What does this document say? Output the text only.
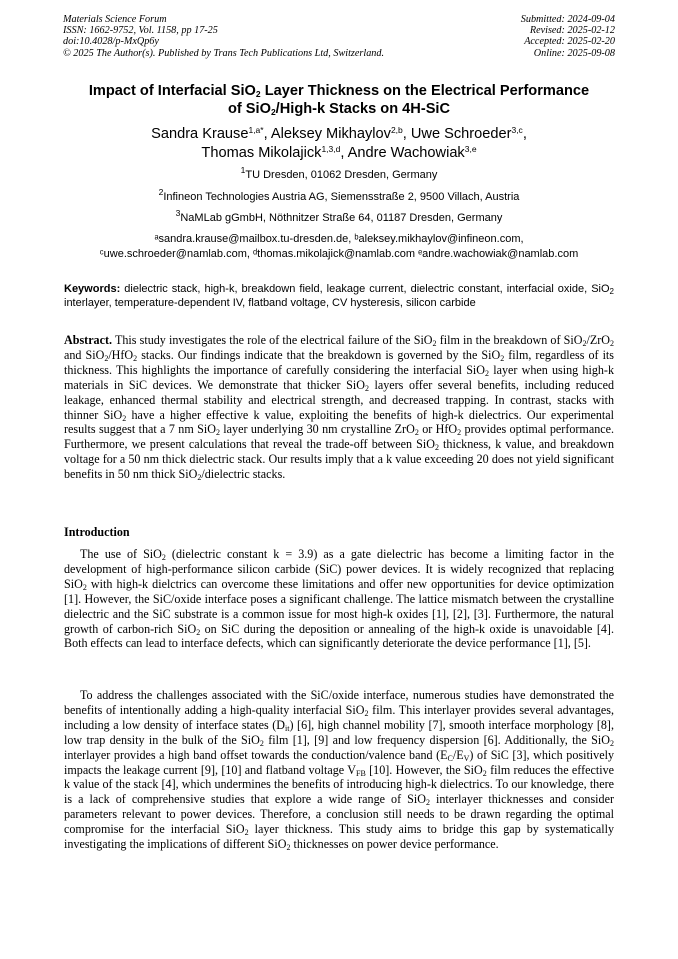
Materials Science Forum
ISSN: 1662-9752, Vol. 1158, pp 17-25
doi:10.4028/p-MxQp6y
© 2025 The Author(s). Published by Trans Tech Publications Ltd, Switzerland.
Submitted: 2024-09-04
Revised: 2025-02-12
Accepted: 2025-02-20
Online: 2025-09-08
Impact of Interfacial SiO$_2$ Layer Thickness on the Electrical Performance
of SiO$_2$/High-k Stacks on 4H-SiC
Sandra Krause$^{1,a*}$, Aleksey Mikhaylov$^{2,b}$, Uwe Schroeder$^{3,c}$,
Thomas Mikolajick$^{1,3,d}$, Andre Wachowiak$^{3,e}$
$^1$TU Dresden, 01062 Dresden, Germany
$^2$Infineon Technologies Austria AG, Siemensstraße 2, 9500 Villach, Austria
$^3$NaMLab gGmbH, Nöthnitzer Straße 64, 01187 Dresden, Germany
ᵃsandra.krause@mailbox.tu-dresden.de, ᵇaleksey.mikhaylov@infineon.com,
ᶜuwe.schroeder@namlab.com, ᵈthomas.mikolajick@namlab.com ᵉandre.wachowiak@namlab.com
Keywords: dielectric stack, high-k, breakdown field, leakage current, dielectric constant, interfacial oxide, SiO2 interlayer, temperature-dependent IV, flatband voltage, CV hysteresis, silicon carbide
Abstract. This study investigates the role of the electrical failure of the SiO2 film in the breakdown of SiO2/ZrO2 and SiO2/HfO2 stacks. Our findings indicate that the breakdown is governed by the SiO2 film, regardless of its thickness. This highlights the importance of carefully considering the interfacial SiO2 layer when using high-k materials in SiC devices. We demonstrate that thicker SiO2 layers offer several benefits, including reduced leakage, enhanced thermal stability and electrical strength, and decreased trapping. In contrast, stacks with thinner SiO2 have a higher effective k value, exploiting the benefits of high-k dielectrics. Our experimental results suggest that a 7 nm SiO2 layer underlying 30 nm crystalline ZrO2 or HfO2 provides optimal performance. Furthermore, we present calculations that reveal the trade-off between SiO2 thickness, k value, and breakdown voltage for a 50 nm thick dielectric stack. Our results imply that a k value exceeding 20 does not yield significant benefits in 50 nm thick SiO2/dielectric stacks.
Introduction
The use of SiO2 (dielectric constant k = 3.9) as a gate dielectric has become a limiting factor in the development of high-performance silicon carbide (SiC) power devices. It is widely recognized that replacing SiO2 with high-k dielctrics can overcome these limitations and offer new opportunities for device optimization [1]. However, the SiC/oxide interface poses a significant challenge. The lattice mismatch between the crystalline dielectric and the SiC substrate is a common issue for most high-k oxides [1], [2], [3]. Furthermore, the natural growth of carbon-rich SiO2 on SiC during the deposition or annealing of the high-k oxide is unavoidable [4]. Both effects can lead to interface defects, which can significantly deteriorate the device performance [1], [5].
To address the challenges associated with the SiC/oxide interface, numerous studies have demonstrated the benefits of intentionally adding a high-quality interfacial SiO2 film. This interlayer provides several advantages, including a low density of interface states (Dit) [6], high channel mobility [7], smooth interface morphology [8], low trap density in the bulk of the SiO2 film [1], [9] and low frequency dispersion [6]. Additionally, the SiO2 interlayer provides a high band offset towards the conduction/valence band (EC/EV) of SiC [3], which positively impacts the leakage current [9], [10] and flatband voltage VFB [10]. However, the SiO2 film reduces the effective k value of the stack [4], which undermines the benefits of introducing high-k dielectrics. To our knowledge, there is a lack of comprehensive studies that explore a wide range of SiO2 interlayer thicknesses and consider parameters relevant to power devices. Therefore, a conclusion still needs to be drawn regarding the optimal compromise for the interfacial SiO2 layer thickness. This study aims to bridge this gap by systematically investigating the implications of different SiO2 thicknesses on power device performance.
